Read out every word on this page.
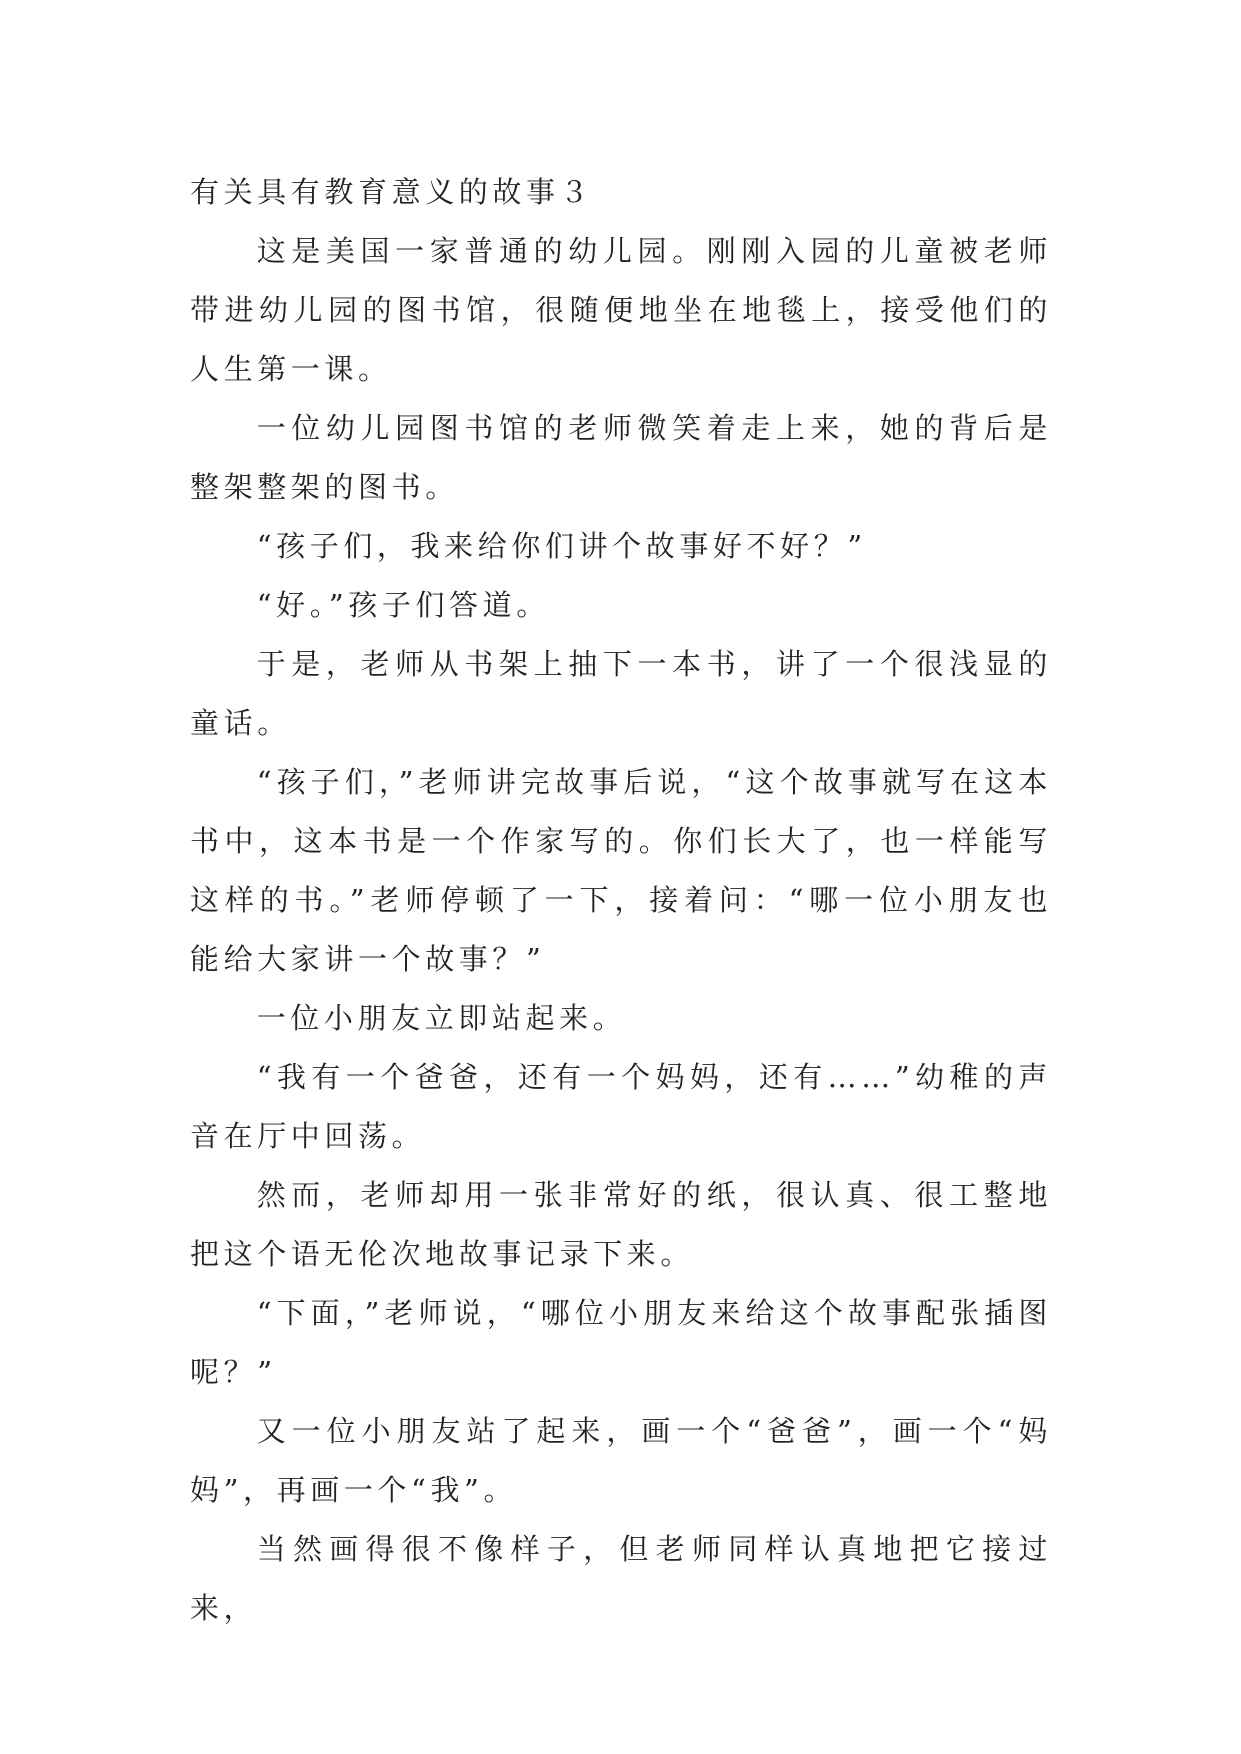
有关具有教育意义的故事３

这是美国一家普通的幼儿园。刚刚入园的儿童被老师带进幼儿园的图书馆，很随便地坐在地毯上，接受他们的人生第一课。

一位幼儿园图书馆的老师微笑着走上来，她的背后是整架整架的图书。

“孩子们，我来给你们讲个故事好不好？”

“好。”孩子们答道。

于是，老师从书架上抽下一本书，讲了一个很浅显的童话。

“孩子们，”老师讲完故事后说，“这个故事就写在这本书中，这本书是一个作家写的。你们长大了，也一样能写这样的书。”老师停顿了一下，接着问：“哪一位小朋友也能给大家讲一个故事？”

一位小朋友立即站起来。

“我有一个爸爸，还有一个妈妈，还有……”幼稚的声音在厅中回荡。

然而，老师却用一张非常好的纸，很认真、很工整地把这个语无伦次地故事记录下来。

“下面，”老师说，“哪位小朋友来给这个故事配张插图呢？”

又一位小朋友站了起来，画一个“爸爸”，画一个“妈妈”，再画一个“我”。

当然画得很不像样子，但老师同样认真地把它接过来，
